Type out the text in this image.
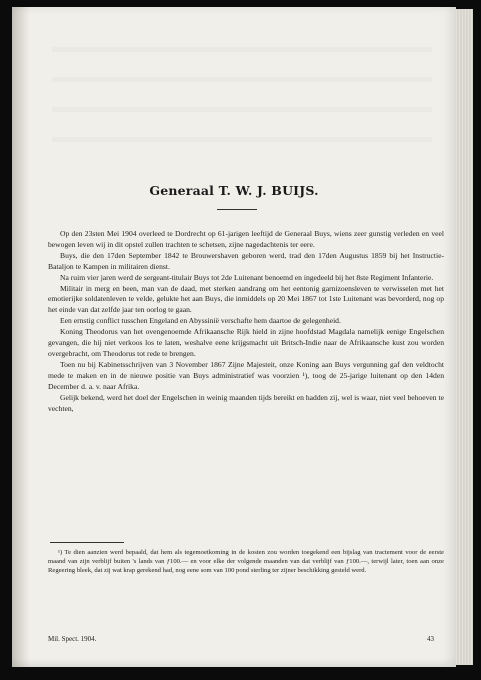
Generaal T. W. J. BUIJS.

Op den 23sten Mei 1904 overleed te Dordrecht op 61-jarigen leeftijd de Generaal Buys, wiens zeer gunstig verleden en veel bewogen leven wij in dit opstel zullen trachten te schetsen, zijne nagedachtenis ter eere.

Buys, die den 17den September 1842 te Brouwershaven geboren werd, trad den 17den Augustus 1859 bij het Instructie-Bataljon te Kampen in militairen dienst.

Na ruim vier jaren werd de sergeant-titulair Buys tot 2de Luitenant benoemd en ingedeeld bij het 8ste Regiment Infanterie.

Militair in merg en been, man van de daad, met sterken aandrang om het eentonig garnizoensleven te verwisselen met het emotierijke soldatenleven te velde, gelukte het aan Buys, die inmiddels op 20 Mei 1867 tot 1ste Luitenant was bevorderd, nog op het einde van dat zelfde jaar ten oorlog te gaan.

Een ernstig conflict tusschen Engeland en Abyssinië verschafte hem daartoe de gelegenheid.

Koning Theodorus van het ovengenoemde Afrikaansche Rijk hield in zijne hoofdstad Magdala namelijk eenige Engelschen gevangen, die hij niet verkoos los te laten, weshalve eene krijgsmacht uit Britsch-Indie naar de Afrikaansche kust zou worden overgebracht, om Theodorus tot rede te brengen.

Toen nu bij Kabinetsschrijven van 3 November 1867 Zijne Majesteit, onze Koning aan Buys vergunning gaf den veldtocht mede te maken en in de nieuwe positie van Buys administratief was voorzien ¹), toog de 25-jarige luitenant op den 14den December d. a. v. naar Afrika.

Gelijk bekend, werd het doel der Engelschen in weinig maanden tijds bereikt en hadden zij, wel is waar, niet veel behoeven te vechten,

¹) Te dien aanzien werd bepaald, dat hem als tegemoetkoming in de kosten zou worden toegekend een bijslag van tractement voor de eerste maand van zijn verblijf buiten 's lands van ƒ100.— en voor elke der volgende maanden van dat verblijf van ƒ100.—, terwijl later, toen aan onze Regeering bleek, dat zij wat krap gerekend had, nog eene som van 100 pond sterling ter zijner beschikking gesteld werd.

Mil. Spect. 1904.	43
